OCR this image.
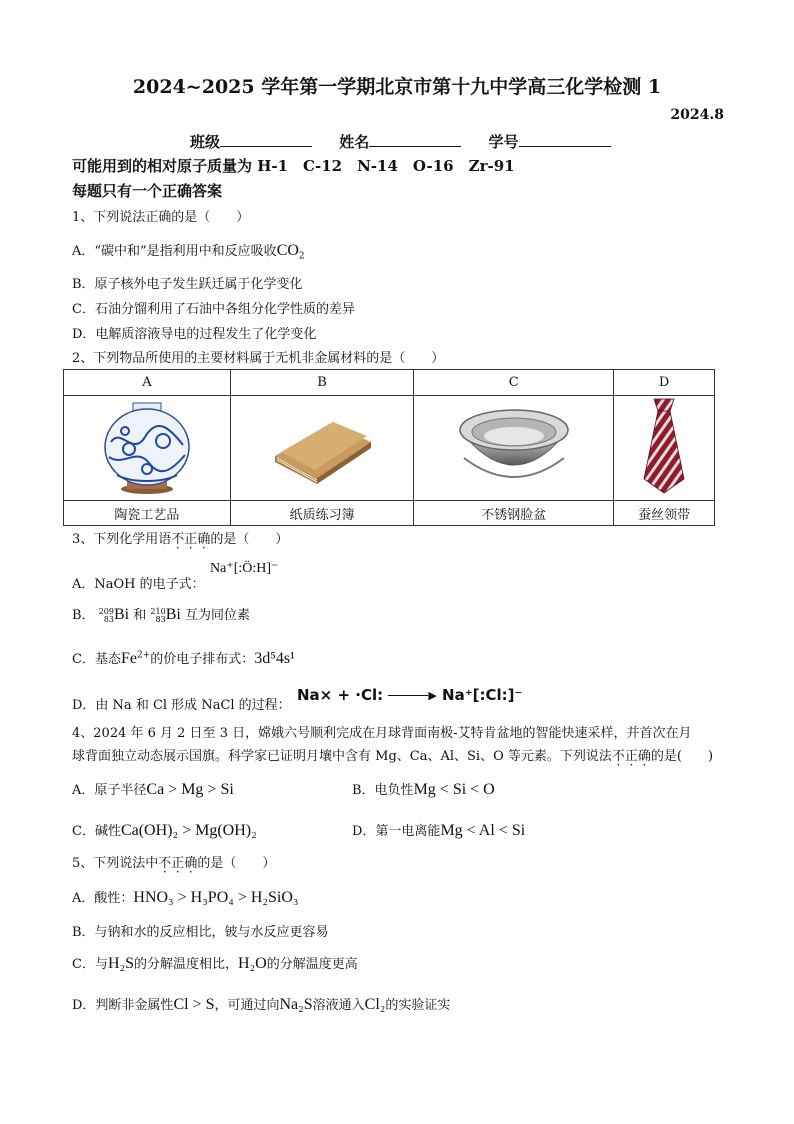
2024~2025 学年第一学期北京市第十九中学高三化学检测 1
2024.8
班级	姓名	学号
可能用到的相对原子质量为 H-1　C-12　N-14　O-16　Zr-91
每题只有一个正确答案
1、下列说法正确的是（　　）
A．“碳中和”是指利用中和反应吸收$CO_2$
B．原子核外电子发生跃迁属于化学变化
C．石油分馏利用了石油中各组分化学性质的差异
D．电解质溶液导电的过程发生了化学变化
2、下列物品所使用的主要材料属于无机非金属材料的是（　　）
A	B	C	D

陶瓷工艺品	纸质练习簿	不锈钢脸盆	蚕丝领带
3、下列化学用语不正确的是（　　）
A．NaOH 的电子式：
Na⁺[:Ö:H]⁻
B． 209
83Bi 和 210
83Bi 互为同位素
C．基态$Fe^{2+}$的价电子排布式：3d⁵4s¹
D．由 Na 和 Cl 形成 NaCl 的过程：
Na× + ·Cl:	▶ Na⁺[:Cl:]⁻
4、2024 年 6 月 2 日至 3 日，嫦娥六号顺利完成在月球背面南极-艾特肯盆地的智能快速采样，并首次在月
球背面独立动态展示国旗。科学家已证明月壤中含有 Mg、Ca、Al、Si、O 等元素。下列说法不正确的是(　　)
A．原子半径Ca > Mg > Si	B．电负性Mg < Si < O
C．碱性Ca(OH)₂ > Mg(OH)₂	D．第一电离能Mg < Al < Si
5、下列说法中不正确的是（　　）
A．酸性：HNO₃ > H₃PO₄ > H₂SiO₃
B．与钠和水的反应相比，铍与水反应更容易
C．与H₂S的分解温度相比，H₂O的分解温度更高
D．判断非金属性Cl > S，可通过向Na₂S溶液通入Cl₂的实验证实
